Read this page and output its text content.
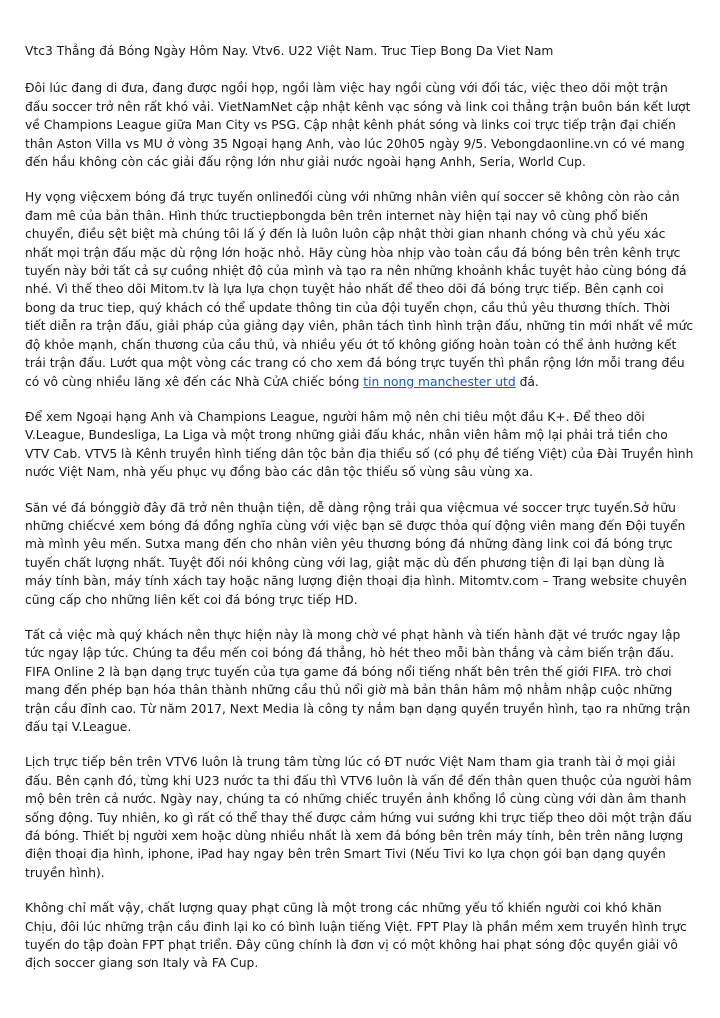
Vtc3 Thẳng đá Bóng Ngày Hôm Nay. Vtv6. U22 Việt Nam. Truc Tiep Bong Da Viet Nam

Đôi lúc đang di đưa, đang được ngồi họp, ngồi làm việc hay ngồi cùng với đối tác, việc theo dõi một trận đấu soccer trở nên rất khó vải. VietNamNet cập nhật kênh vạc sóng và link coi thẳng trận buôn bán kết lượt về Champions League giữa Man City vs PSG. Cập nhật kênh phát sóng và links coi trực tiếp trận đại chiến thân Aston Villa vs MU ở vòng 35 Ngoại hạng Anh, vào lúc 20h05 ngày 9/5. Vebongdaonline.vn có vé mang đến hầu không còn các giải đấu rộng lớn như giải nước ngoài hạng Anhh, Seria, World Cup.

Hy vọng việcxem bóng đá trực tuyến onlineđối cùng với những nhân viên quí soccer sẽ không còn rào cản đam mê của bản thân. Hình thức tructiepbongda bên trên internet này hiện tại nay vô cùng phổ biến chuyển, điều sệt biệt mà chúng tôi lấ ý đến là luôn luôn cập nhật thời gian nhanh chóng và chủ yếu xác nhất mọi trận đấu mặc dù rộng lớn hoặc nhỏ. Hãy cùng hòa nhịp vào toàn cầu đá bóng bên trên kênh trực tuyến này bởi tất cả sự cuồng nhiệt độ của mình và tạo ra nên những khoảnh khắc tuyệt hảo cùng bóng đá nhé. Vì thế theo dõi Mitom.tv là lựa lựa chọn tuyệt hảo nhất để theo dõi đá bóng trực tiếp. Bên cạnh coi bong da truc tiep, quý khách có thể update thông tin của đội tuyển chọn, cầu thủ yêu thương thích. Thời tiết diễn ra trận đấu, giải pháp của giảng dạy viên, phân tách tình hình trận đấu, những tin mới nhất về mức độ khỏe mạnh, chấn thương của cầu thủ, và nhiều yếu ớt tố không giống hoàn toàn có thể ảnh hưởng kết trái trận đấu. Lướt qua một vòng các trang có cho xem đá bóng trực tuyến thì phần rộng lớn mỗi trang đều có vô cùng nhiều lăng xê đến các Nhà CửA chiếc bóng tin nong manchester utd đá.

Để xem Ngoại hạng Anh và Champions League, người hâm mộ nên chi tiêu một đầu K+. Để theo dõi V.League, Bundesliga, La Liga và một trong những giải đấu khác, nhân viên hâm mộ lại phải trả tiền cho VTV Cab. VTV5 là Kênh truyền hình tiếng dân tộc bản địa thiểu số (có phụ đề tiếng Việt) của Đài Truyền hình nước Việt Nam, nhà yếu phục vụ đồng bào các dân tộc thiểu số vùng sâu vùng xa.

Săn vé đá bónggiờ đây đã trở nên thuận tiện, dễ dàng rộng trải qua việcmua vé soccer trực tuyến.Sở hữu những chiếcvé xem bóng đá đồng nghĩa cùng với việc bạn sẽ được thỏa quí động viên mang đến Đội tuyển mà mình yêu mến. Sutxa mang đến cho nhân viên yêu thương bóng đá những đàng link coi đá bóng trực tuyến chất lượng nhất. Tuyệt đối nói không cùng với lag, giật mặc dù đến phương tiện đi lại bạn dùng là máy tính bàn, máy tính xách tay hoặc năng lượng điện thoại địa hình. Mitomtv.com – Trang website chuyên cũng cấp cho những liên kết coi đá bóng trực tiếp HD.

Tất cả việc mà quý khách nên thực hiện này là mong chờ vé phạt hành và tiến hành đặt vé trước ngay lập tức ngay lập tức. Chúng ta đều mến coi bóng đá thẳng, hò hét theo mỗi bàn thắng và cảm biến trận đấu. FIFA Online 2 là bạn dạng trực tuyến của tựa game đá bóng nổi tiếng nhất bên trên thế giới FIFA. trò chơi mang đến phép bạn hóa thân thành những cầu thủ nổi giờ mà bản thân hâm mộ nhằm nhập cuộc những trận cầu đỉnh cao. Từ năm 2017, Next Media là công ty nắm bạn dạng quyền truyền hình, tạo ra những trận đấu tại V.League.

Lịch trực tiếp bên trên VTV6 luôn là trung tâm từng lúc có ĐT nước Việt Nam tham gia tranh tài ở mọi giải đấu. Bên cạnh đó, từng khi U23 nước ta thi đấu thì VTV6 luôn là vấn đề đến thân quen thuộc của người hâm mộ bên trên cả nước. Ngày nay, chúng ta có những chiếc truyền ảnh khổng lồ cùng cùng với dàn âm thanh sống động. Tuy nhiên, ko gì rất có thể thay thế được cảm hứng vui sướng khi trực tiếp theo dõi một trận đấu đá bóng. Thiết bị người xem hoặc dùng nhiều nhất là xem đá bóng bên trên máy tính, bên trên năng lượng điện thoại địa hình, iphone, iPad hay ngay bên trên Smart Tivi (Nếu Tivi ko lựa chọn gói bạn dạng quyền truyền hình).

Không chỉ mất vậy, chất lượng quay phạt cũng là một trong các những yếu tố khiến người coi khó khăn Chịu, đôi lúc những trận cầu đinh lại ko có bình luận tiếng Việt. FPT Play là phần mềm xem truyền hình trực tuyến do tập đoàn FPT phạt triển. Đây cũng chính là đơn vị có một không hai phạt sóng độc quyền giải vô địch soccer giang sơn Italy và FA Cup.
